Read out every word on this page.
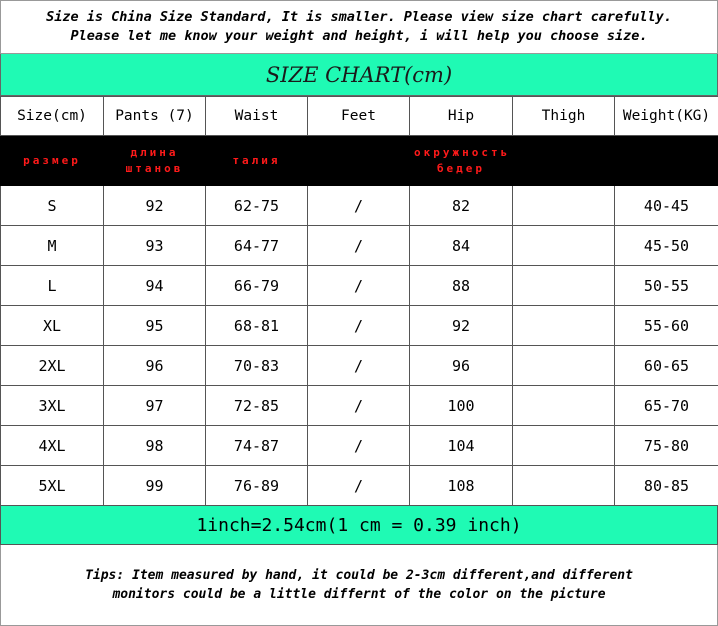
Size is China Size Standard, It is smaller. Please view size chart carefully.
Please let me know your weight and height, i will help you choose size.
SIZE CHART(cm)
Size(cm)	Pants (7)	Waist	Feet	Hip	Thigh	Weight(KG)

размер	длина штанов	талия		окружность бедер		

S	92	62-75	/	82		40-45
M	93	64-77	/	84		45-50
L	94	66-79	/	88		50-55
XL	95	68-81	/	92		55-60
2XL	96	70-83	/	96		60-65
3XL	97	72-85	/	100		65-70
4XL	98	74-87	/	104		75-80
5XL	99	76-89	/	108		80-85
1inch=2.54cm(1 cm = 0.39 inch)
Tips: Item measured by hand, it could be 2-3cm different,and different
monitors could be a little differnt of the color on the picture
